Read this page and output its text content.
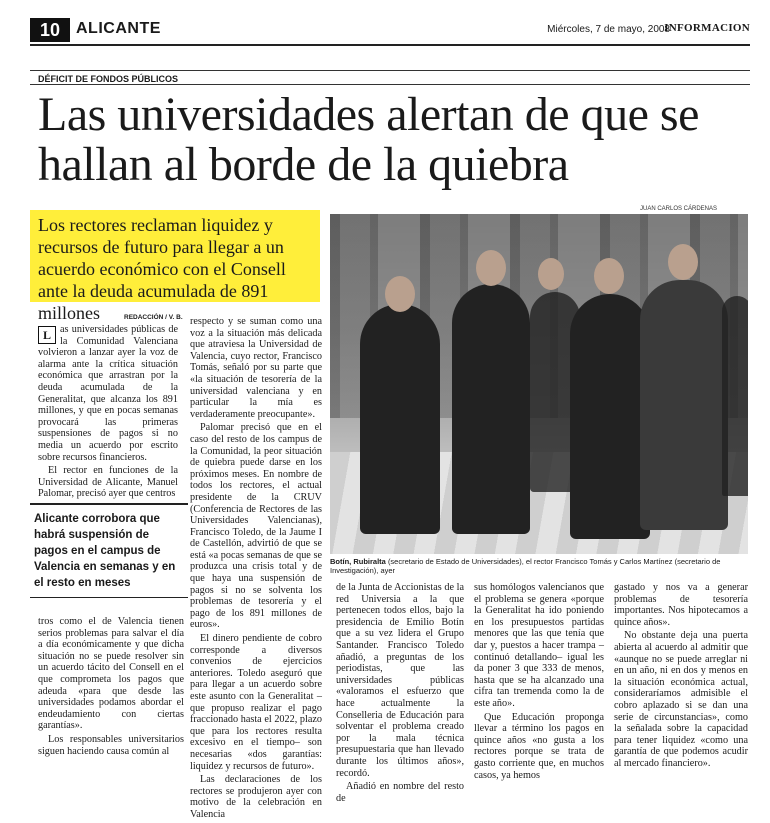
10 ALICANTE	Miércoles, 7 de mayo, 2008
INFORMACION
DÉFICIT DE FONDOS PÚBLICOS
Las universidades alertan de que se hallan al borde de la quiebra
Los rectores reclaman liquidez y recursos de futuro para llegar a un acuerdo económico con el Consell ante la deuda acumulada de 891 millones
JUAN CARLOS CÁRDENAS
Botín, Rubiralta (secretario de Estado de Universidades), el rector Francisco Tomás y Carlos Martínez (secretario de Investigación), ayer
REDACCIÓN / V. B.

L as universidades públicas de la Comunidad Valenciana volvieron a lanzar ayer la voz de alarma ante la crítica situación económica que arrastran por la deuda acumulada de la Generalitat, que alcanza los 891 millones, y que en pocas semanas provocará las primeras suspensiones de pagos si no media un acuerdo por escrito sobre recursos financieros.

El rector en funciones de la Universidad de Alicante, Manuel Palomar, precisó ayer que centros

Alicante corrobora que habrá suspensión de pagos en el campus de Valencia en semanas y en el resto en meses

tros como el de Valencia tienen serios problemas para salvar el día a día económicamente y que dicha situación no se puede resolver sin un acuerdo tácito del Consell en el que comprometa los pagos que adeuda «para que desde las universidades podamos abordar el endeudamiento con ciertas garantías».

Los responsables universitarios siguen haciendo causa común al

respecto y se suman como una voz a la situación más delicada que atraviesa la Universidad de Valencia, cuyo rector, Francisco Tomás, señaló por su parte que «la situación de tesorería de la universidad valenciana y en particular la mía es verdaderamente preocupante».

Palomar precisó que en el caso del resto de los campus de la Comunidad, la peor situación de quiebra puede darse en los próximos meses. En nombre de todos los rectores, el actual presidente de la CRUV (Conferencia de Rectores de las Universidades Valencianas), Francisco Toledo, de la Jaume I de Castellón, advirtió de que se está «a pocas semanas de que se produzca una crisis total y de que haya una suspensión de pagos si no se solventa los problemas de tesorería y el pago de los 891 millones de euros».

El dinero pendiente de cobro corresponde a diversos convenios de ejercicios anteriores. Toledo aseguró que para llegar a un acuerdo sobre este asunto con la Generalitat –que propuso realizar el pago fraccionado hasta el 2022, plazo que para los rectores resulta excesivo en el tiempo– son necesarias «dos garantías: liquidez y recursos de futuro».

Las declaraciones de los rectores se produjeron ayer con motivo de la celebración en Valencia

de la Junta de Accionistas de la red Universia a la que pertenecen todos ellos, bajo la presidencia de Emilio Botín que a su vez lidera el Grupo Santander. Francisco Toledo añadió, a preguntas de los periodistas, que las universidades públicas «valoramos el esfuerzo que hace actualmente la Conselleria de Educación para solventar el problema creado por la mala técnica presupuestaria que han llevado durante los últimos años», recordó.

Añadió en nombre del resto de

sus homólogos valencianos que el problema se genera «porque la Generalitat ha ido poniendo en los presupuestos partidas menores que las que tenía que dar y, puestos a hacer trampa –continuó detallando– igual les da poner 3 que 333 de menos, hasta que se ha alcanzado una cifra tan tremenda como la de este año».

Que Educación proponga llevar a término los pagos en quince años «no gusta a los rectores porque se trata de gasto corriente que, en muchos casos, ya hemos

gastado y nos va a generar problemas de tesorería importantes. Nos hipotecamos a quince años».

No obstante deja una puerta abierta al acuerdo al admitir que «aunque no se puede arreglar ni en un año, ni en dos y menos en la situación económica actual, consideraríamos admisible el cobro aplazado si se dan una serie de circunstancias», como la señalada sobre la capacidad para tener liquidez «como una garantía de que podemos acudir al mercado financiero».
